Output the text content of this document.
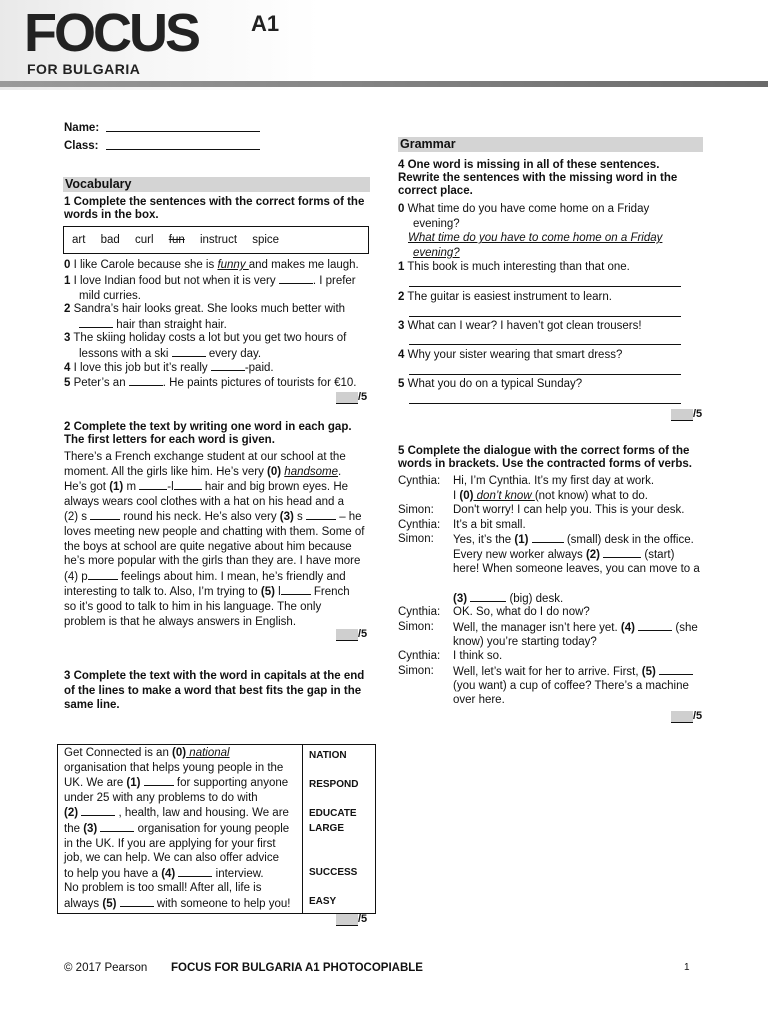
FOCUS A1
FOR BULGARIA
Name:
Class:
Vocabulary
1 Complete the sentences with the correct forms of the words in the box.
art bad curl fun instruct spice
0 I like Carole because she is funny and makes me laugh.
1 I love Indian food but not when it is very	. I prefer
mild curries.
2 Sandra’s hair looks great. She looks much better with
hair than straight hair.
3 The skiing holiday costs a lot but you get two hours of
lessons with a ski	every day.
4 I love this job but it’s really	-paid.
5 Peter’s an	. He paints pictures of tourists for €10.
/5
2 Complete the text by writing one word in each gap. The first letters for each word is given.
There’s a French exchange student at our school at the
moment. All the girls like him. He’s very (0) handsome.
He’s got (1) m -l hair and big brown eyes. He
always wears cool clothes with a hat on his head and a
(2) s	round his neck. He’s also very (3) s	– he
loves meeting new people and chatting with them. Some of
the boys at school are quite negative about him because
he’s more popular with the girls than they are. I have more
(4) p	feelings about him. I mean, he’s friendly and
interesting to talk to. Also, I’m trying to (5) l	French
so it’s good to talk to him in his language. The only
problem is that he always answers in English.
/5
3 Complete the text with the word in capitals at the end of the lines to make a word that best fits the gap in the same line.
Get Connected is an (0) national
organisation that helps young people in the
UK. We are (1)	for supporting anyone
under 25 with any problems to do with
(2)	, health, law and housing. We are
the (3)	organisation for young people
in the UK. If you are applying for your first
job, we can help. We can also offer advice
to help you have a (4)	interview.
No problem is too small! After all, life is
always (5)	with someone to help you!
NATION
RESPOND
EDUCATE
LARGE
SUCCESS
EASY
/5
Grammar
4 One word is missing in all of these sentences. Rewrite the sentences with the missing word in the correct place.
0 What time do you have come home on a Friday
evening?
What time do you have to come home on a Friday
evening?
1 This book is much interesting than that one.
2 The guitar is easiest instrument to learn.
3 What can I wear? I haven’t got clean trousers!
4 Why your sister wearing that smart dress?
5 What you do on a typical Sunday?
/5
5 Complete the dialogue with the correct forms of the words in brackets. Use the contracted forms of verbs.
Cynthia: Hi, I’m Cynthia. It’s my first day at work.
I (0) don’t know (not know) what to do.
Simon: Don't worry! I can help you. This is your desk.
Cynthia: It’s a bit small.
Simon: Yes, it’s the (1)	(small) desk in the office.
Every new worker always (2)	(start)
here! When someone leaves, you can move to a
(3)	(big) desk.
Cynthia: OK. So, what do I do now?
Simon: Well, the manager isn’t here yet. (4)	(she
know) you’re starting today?
Cynthia: I think so.
Simon: Well, let’s wait for her to arrive. First, (5)
(you want) a cup of coffee? There’s a machine
over here.
/5
© 2017 Pearson FOCUS FOR BULGARIA A1 PHOTOCOPIABLE	1
